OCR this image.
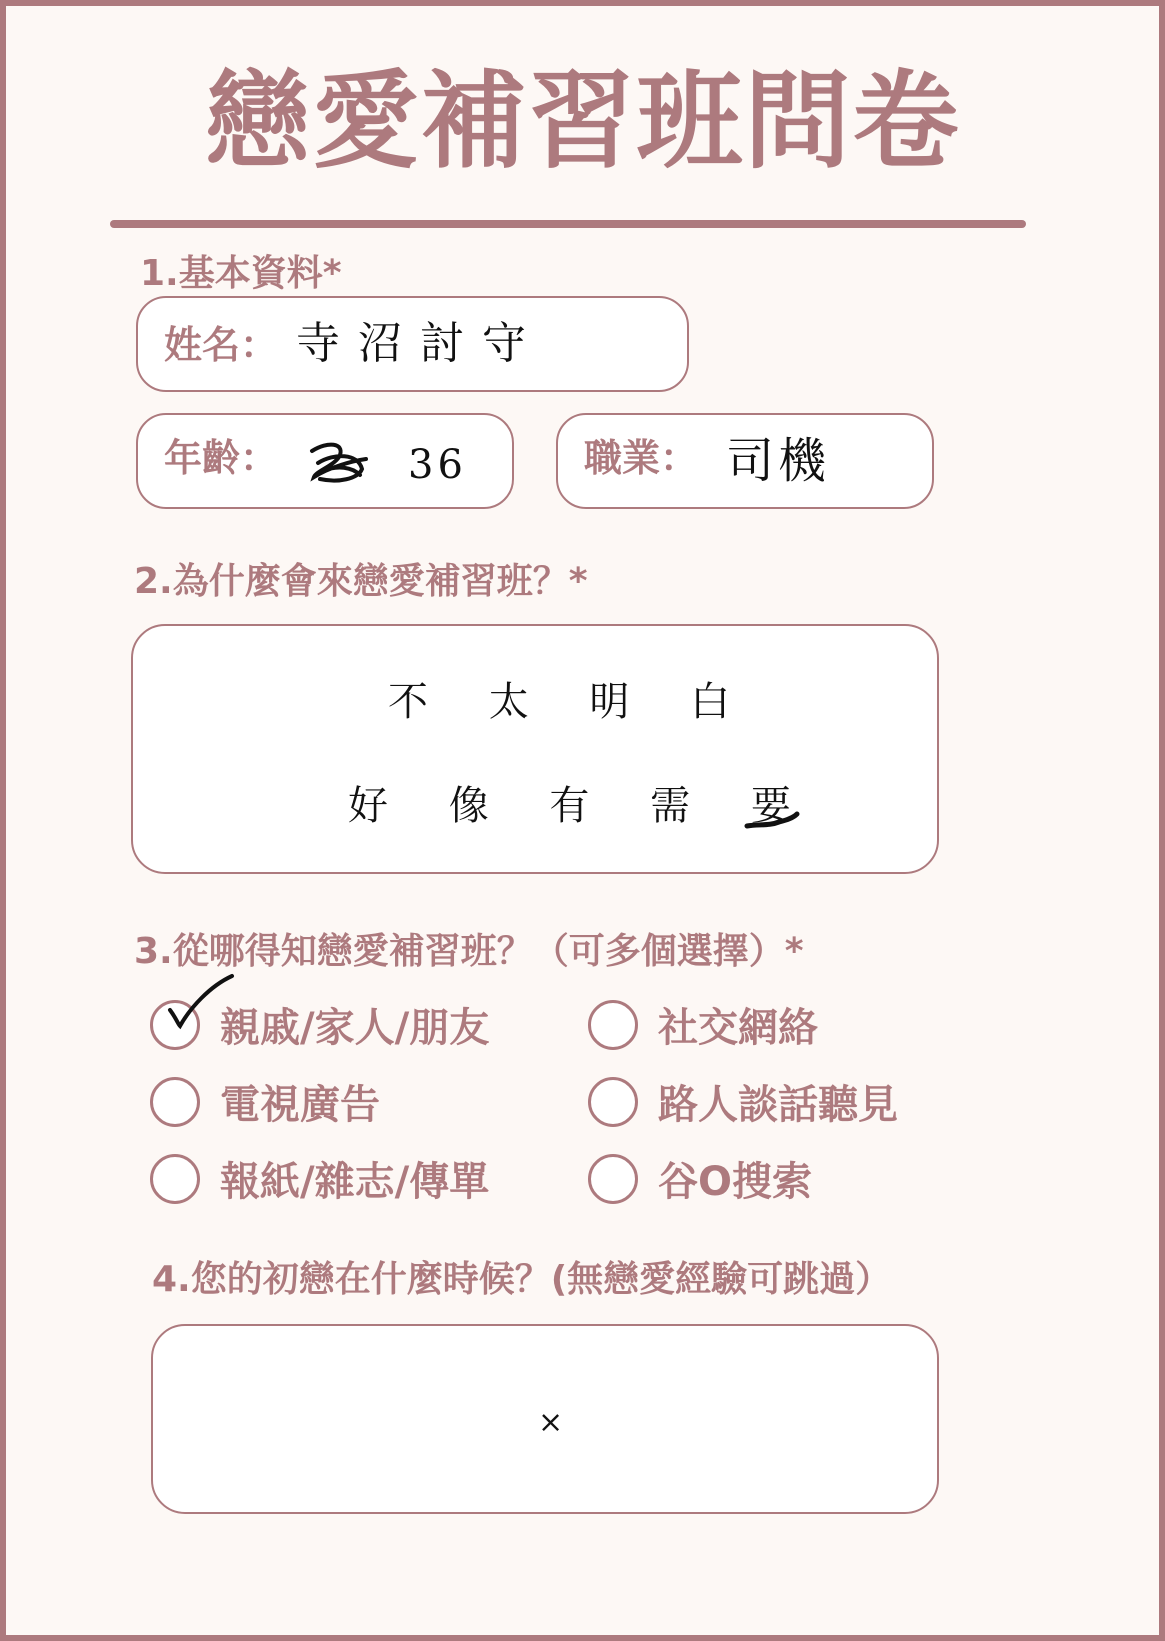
戀愛補習班問卷
1.基本資料*
姓名： 寺沼討守
年齡：	36	職業： 司機
2.為什麼會來戀愛補習班？*
不 太 明 白
好 像 有 需 要
3.從哪得知戀愛補習班？（可多個選擇）*
親戚/家人/朋友	社交網絡
電視廣告	路人談話聽見
報紙/雜志/傳單	谷O搜索
4.您的初戀在什麼時候？(無戀愛經驗可跳過）
×
